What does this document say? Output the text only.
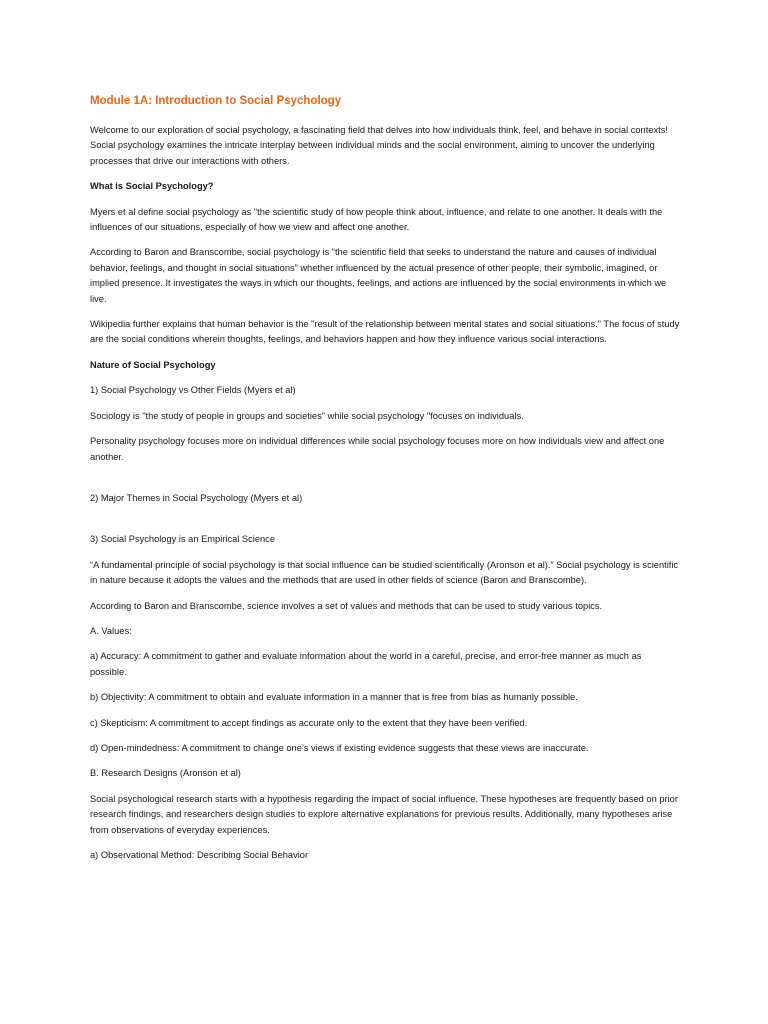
Module 1A: Introduction to Social Psychology

Welcome to our exploration of social psychology, a fascinating field that delves into how individuals think, feel, and behave in social contexts! Social psychology examines the intricate interplay between individual minds and the social environment, aiming to uncover the underlying processes that drive our interactions with others.

What is Social Psychology?

Myers et al define social psychology as "the scientific study of how people think about, influence, and relate to one another. It deals with the influences of our situations, especially of how we view and affect one another.

According to Baron and Branscombe, social psychology is “the scientific field that seeks to understand the nature and causes of individual behavior, feelings, and thought in social situations” whether influenced by the actual presence of other people, their symbolic, imagined, or implied presence. It investigates the ways in which our thoughts, feelings, and actions are influenced by the social environments in which we live.

Wikipedia further explains that human behavior is the "result of the relationship between mental states and social situations." The focus of study are the social conditions wherein thoughts, feelings, and behaviors happen and how they influence various social interactions.

Nature of Social Psychology

1) Social Psychology vs Other Fields (Myers et al)

Sociology is "the study of people in groups and societies" while social psychology "focuses on individuals.

Personality psychology focuses more on individual differences while social psychology focuses more on how individuals view and affect one another.

2) Major Themes in Social Psychology (Myers et al)

3) Social Psychology is an Empirical Science

“A fundamental principle of social psychology is that social influence can be studied scientifically (Aronson et al).” Social psychology is scientific in nature because it adopts the values and the methods that are used in other fields of science (Baron and Branscombe).

According to Baron and Branscombe, science involves a set of values and methods that can be used to study various topics.

A. Values:

a) Accuracy: A commitment to gather and evaluate information about the world in a careful, precise, and error-free manner as much as possible.

b) Objectivity: A commitment to obtain and evaluate information in a manner that is free from bias as humanly possible.

c) Skepticism: A commitment to accept findings as accurate only to the extent that they have been verified.

d) Open-mindedness: A commitment to change one’s views if existing evidence suggests that these views are inaccurate.

B. Research Designs (Aronson et al)

Social psychological research starts with a hypothesis regarding the impact of social influence. These hypotheses are frequently based on prior research findings, and researchers design studies to explore alternative explanations for previous results. Additionally, many hypotheses arise from observations of everyday experiences.

a) Observational Method: Describing Social Behavior
